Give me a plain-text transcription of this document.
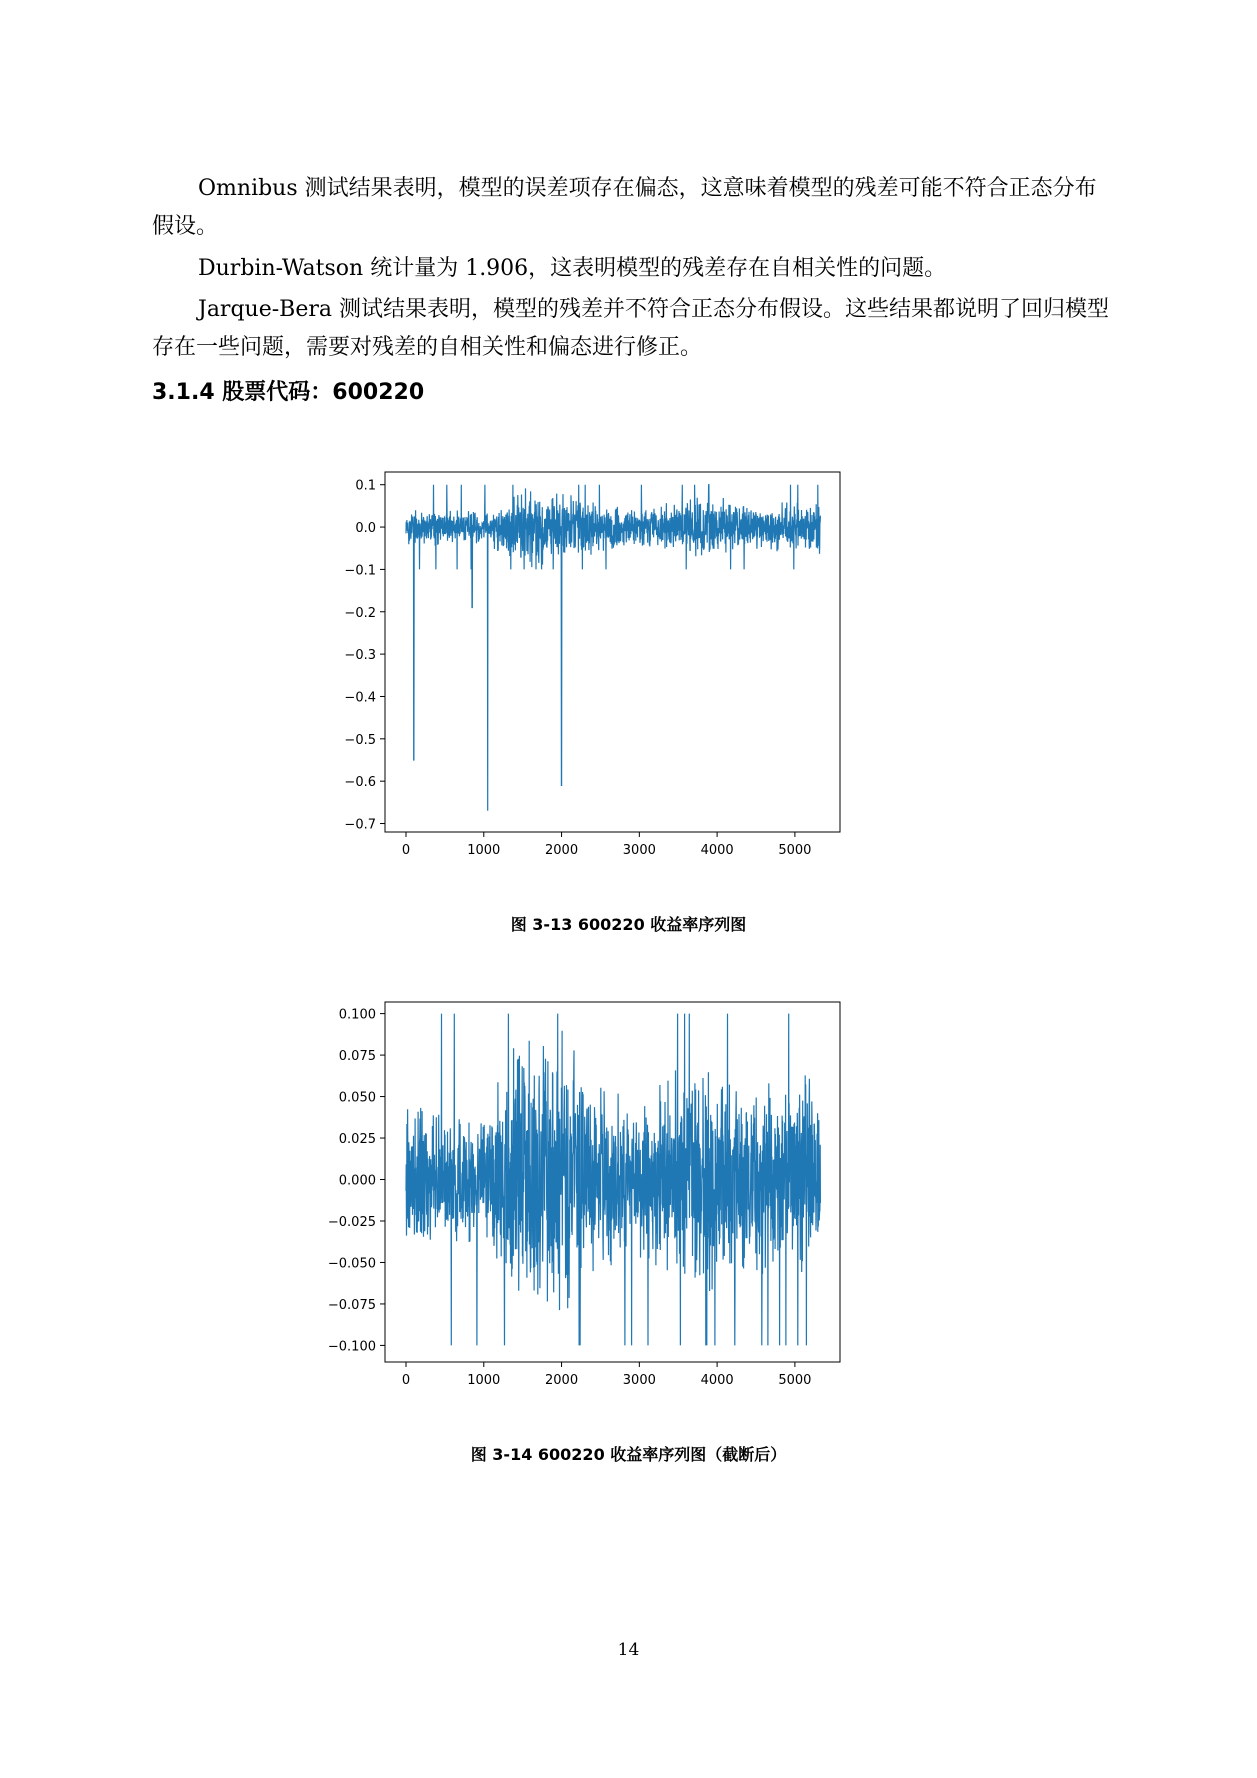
Omnibus 测试结果表明，模型的误差项存在偏态，这意味着模型的残差可能不符合正态分布假设。

Durbin-Watson 统计量为 1.906，这表明模型的残差存在自相关性的问题。

Jarque-Bera 测试结果表明，模型的残差并不符合正态分布假设。这些结果都说明了回归模型存在一些问题，需要对残差的自相关性和偏态进行修正。

3.1.4 股票代码：600220
0	1000	2000	3000	4000	5000
0.1
0.0
−0.1
−0.2
−0.3
−0.4
−0.5
−0.6
−0.7

图 3-13 600220 收益率序列图

0	1000	2000	3000	4000	5000
0.100
0.075
0.050
0.025
0.000
−0.025
−0.050
−0.075
−0.100

图 3-14 600220 收益率序列图（截断后）

14
